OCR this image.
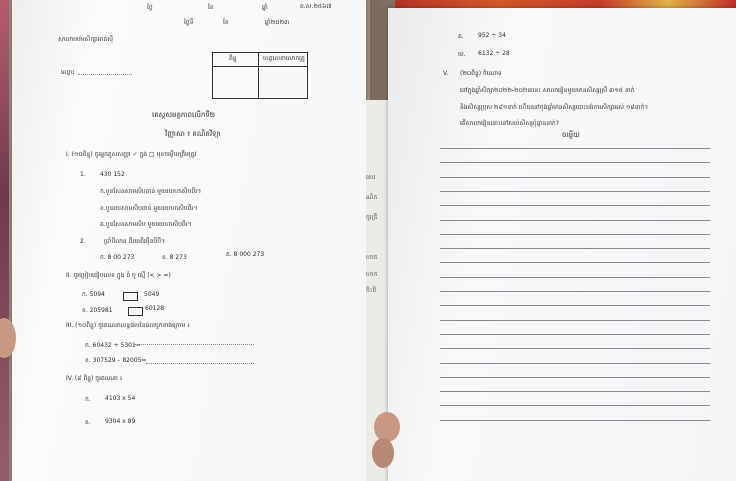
ថ្ងៃ	ខែ	ឆ្នាំ	ព.ស.២៥៦៧
ថ្ងៃទី	ខែ	ឆ្នាំ២០២៣
សាលាបឋមសិក្សាអាគ់ស៊ី
ឈ្មោះ
ពិន្ទុ	ហត្ថលេខាលោកគ្រូ
តេស្តសមត្ថភាពលើកទី២
វិញ្ញាសា ៖ គណិតវិទ្យា
I. (១០ពិន្ទុ) ចូរអ្នកគូសសញ្ញា ✓ ក្នុង □ មុខចម្លើយត្រឹមត្រូវ
1. 430 152
ក.បួនសែនសាមសិបពាន់ មួយរយហាសិបពីរ។
ខ.បួនរយសាមសិបពាន់ មួយរយហាសិបពីរ។
គ.បួនសែនសាមសិប មួយរយហាសិបពីរ។
2.	ប្រាំបីលាន ពីរយពីរម៉ឺនបីបី។
ក. 8 00 273	ខ. 8 273	គ. 8 000 273
II. ចូរប្រៀបធៀបលេខ ក្នុង ធំ ឬ ស្មើ (< > =)
ក. 5094	5049
ខ. 205981	60128
III. (១០ពិន្ទុ) ចូរគណនាលទ្ធផលនៃផលបូកខាងក្រោម ៖
ក. 60432 + 5301=
ខ. 307529 – 82005=
IV. (៨ ពិន្ទុ) ចូរគណនា ៖
ក. 4103 x 54
ខ. 9304 x 89
សេរ
ណិត
ចូរគ្រឹ
ហាត
ហាក
ចិះតិ
គ. 952 ÷ 34
ឃ. 6132 ÷ 28
V. (២០ពិន្ទុ) ចំណោទ
នៅក្នុងឆ្នាំសិក្សា២០២២-២០២៣នេះ សាលារៀនមួយមានសិស្សស្រី ៣១៥ នាក់
និងសិស្សប្រុស ២៨១នាក់ ហើយនៅចុងឆ្នាំមានសិស្សបោះបង់ការសិក្សាអស់ ១៨នាក់។
តើសាលារៀននោះនៅសល់សិស្សប៉ុន្មាននាក់?
ចម្លើយ
